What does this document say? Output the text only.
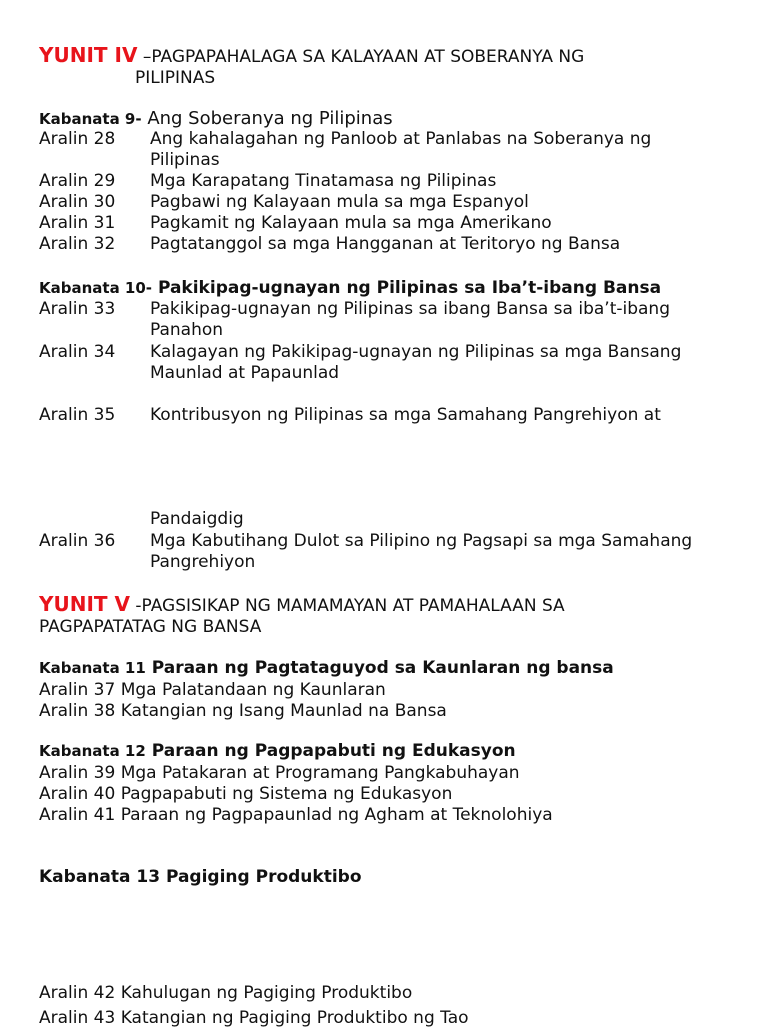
YUNIT IV –PAGPAPAHALAGA SA KALAYAAN AT SOBERANYA NG
PILIPINAS
Kabanata 9- Ang Soberanya ng Pilipinas
Aralin 28 Ang kahalagahan ng Panloob at Panlabas na Soberanya ng
Pilipinas
Aralin 29 Mga Karapatang Tinatamasa ng Pilipinas
Aralin 30 Pagbawi ng Kalayaan mula sa mga Espanyol
Aralin 31 Pagkamit ng Kalayaan mula sa mga Amerikano
Aralin 32 Pagtatanggol sa mga Hangganan at Teritoryo ng Bansa
Kabanata 10- Pakikipag-ugnayan ng Pilipinas sa Iba’t-ibang Bansa
Aralin 33 Pakikipag-ugnayan ng Pilipinas sa ibang Bansa sa iba’t-ibang
Panahon
Aralin 34 Kalagayan ng Pakikipag-ugnayan ng Pilipinas sa mga Bansang
Maunlad at Papaunlad
Aralin 35 Kontribusyon ng Pilipinas sa mga Samahang Pangrehiyon at
Pandaigdig
Aralin 36 Mga Kabutihang Dulot sa Pilipino ng Pagsapi sa mga Samahang
Pangrehiyon
YUNIT V -PAGSISIKAP NG MAMAMAYAN AT PAMAHALAAN SA
PAGPAPATATAG NG BANSA
Kabanata 11 Paraan ng Pagtataguyod sa Kaunlaran ng bansa
Aralin 37 Mga Palatandaan ng Kaunlaran
Aralin 38 Katangian ng Isang Maunlad na Bansa
Kabanata 12 Paraan ng Pagpapabuti ng Edukasyon
Aralin 39 Mga Patakaran at Programang Pangkabuhayan
Aralin 40 Pagpapabuti ng Sistema ng Edukasyon
Aralin 41 Paraan ng Pagpapaunlad ng Agham at Teknolohiya
Kabanata 13 Pagiging Produktibo
Aralin 42 Kahulugan ng Pagiging Produktibo
Aralin 43 Katangian ng Pagiging Produktibo ng Tao
